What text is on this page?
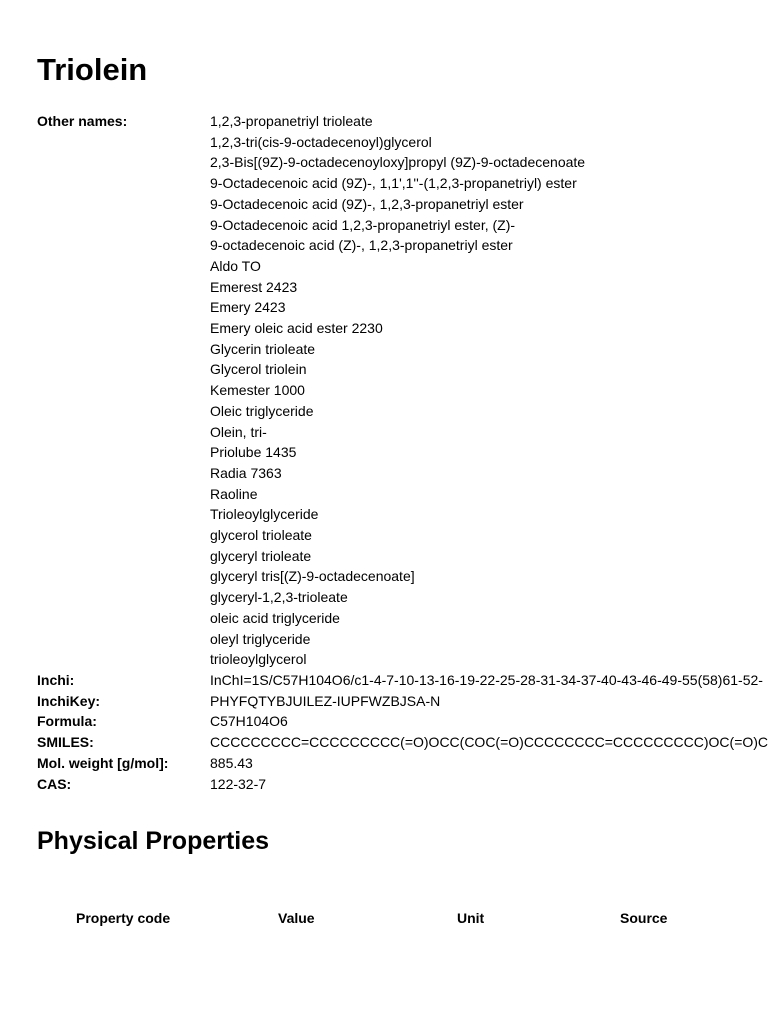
Triolein
Other names:	1,2,3-propanetriyl trioleate
1,2,3-tri(cis-9-octadecenoyl)glycerol
2,3-Bis[(9Z)-9-octadecenoyloxy]propyl (9Z)-9-octadecenoate
9-Octadecenoic acid (9Z)-, 1,1',1''-(1,2,3-propanetriyl) ester
9-Octadecenoic acid (9Z)-, 1,2,3-propanetriyl ester
9-Octadecenoic acid 1,2,3-propanetriyl ester, (Z)-
9-octadecenoic acid (Z)-, 1,2,3-propanetriyl ester
Aldo TO
Emerest 2423
Emery 2423
Emery oleic acid ester 2230
Glycerin trioleate
Glycerol triolein
Kemester 1000
Oleic triglyceride
Olein, tri-
Priolube 1435
Radia 7363
Raoline
Trioleoylglyceride
glycerol trioleate
glyceryl trioleate
glyceryl tris[(Z)-9-octadecenoate]
glyceryl-1,2,3-trioleate
oleic acid triglyceride
oleyl triglyceride
trioleoylglycerol
Inchi:	InChI=1S/C57H104O6/c1-4-7-10-13-16-19-22-25-28-31-34-37-40-43-46-49-55(58)61-52-
InchiKey:	PHYFQTYBJUILEZ-IUPFWZBJSA-N
Formula:	C57H104O6
SMILES:	CCCCCCCCC=CCCCCCCCC(=O)OCC(COC(=O)CCCCCCCC=CCCCCCCCC)OC(=O)C
Mol. weight [g/mol]:	885.43
CAS:	122-32-7
Physical Properties
Property code	Value	Unit	Source
